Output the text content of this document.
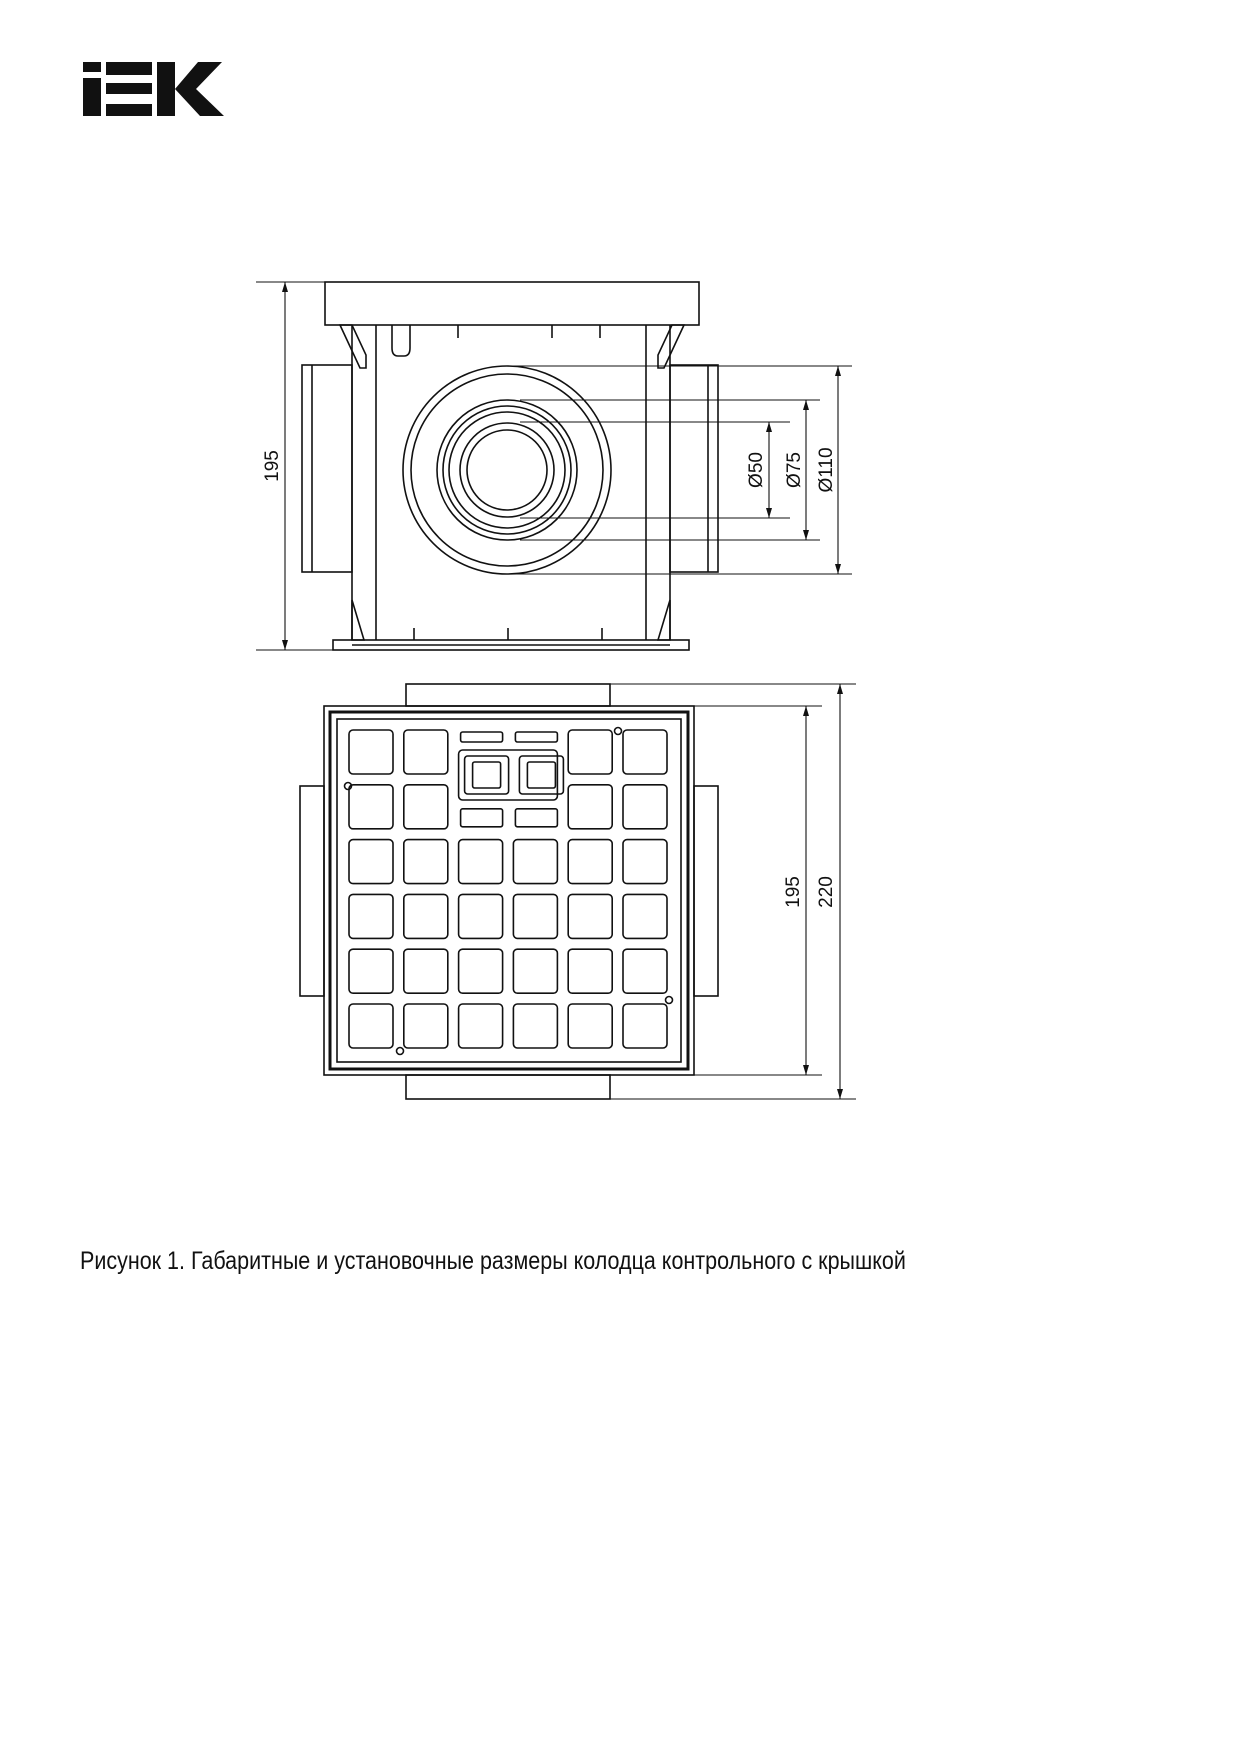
195	Ø50 Ø75 Ø110
195 220
Рисунок 1. Габаритные и установочные размеры колодца контрольного с крышкой
